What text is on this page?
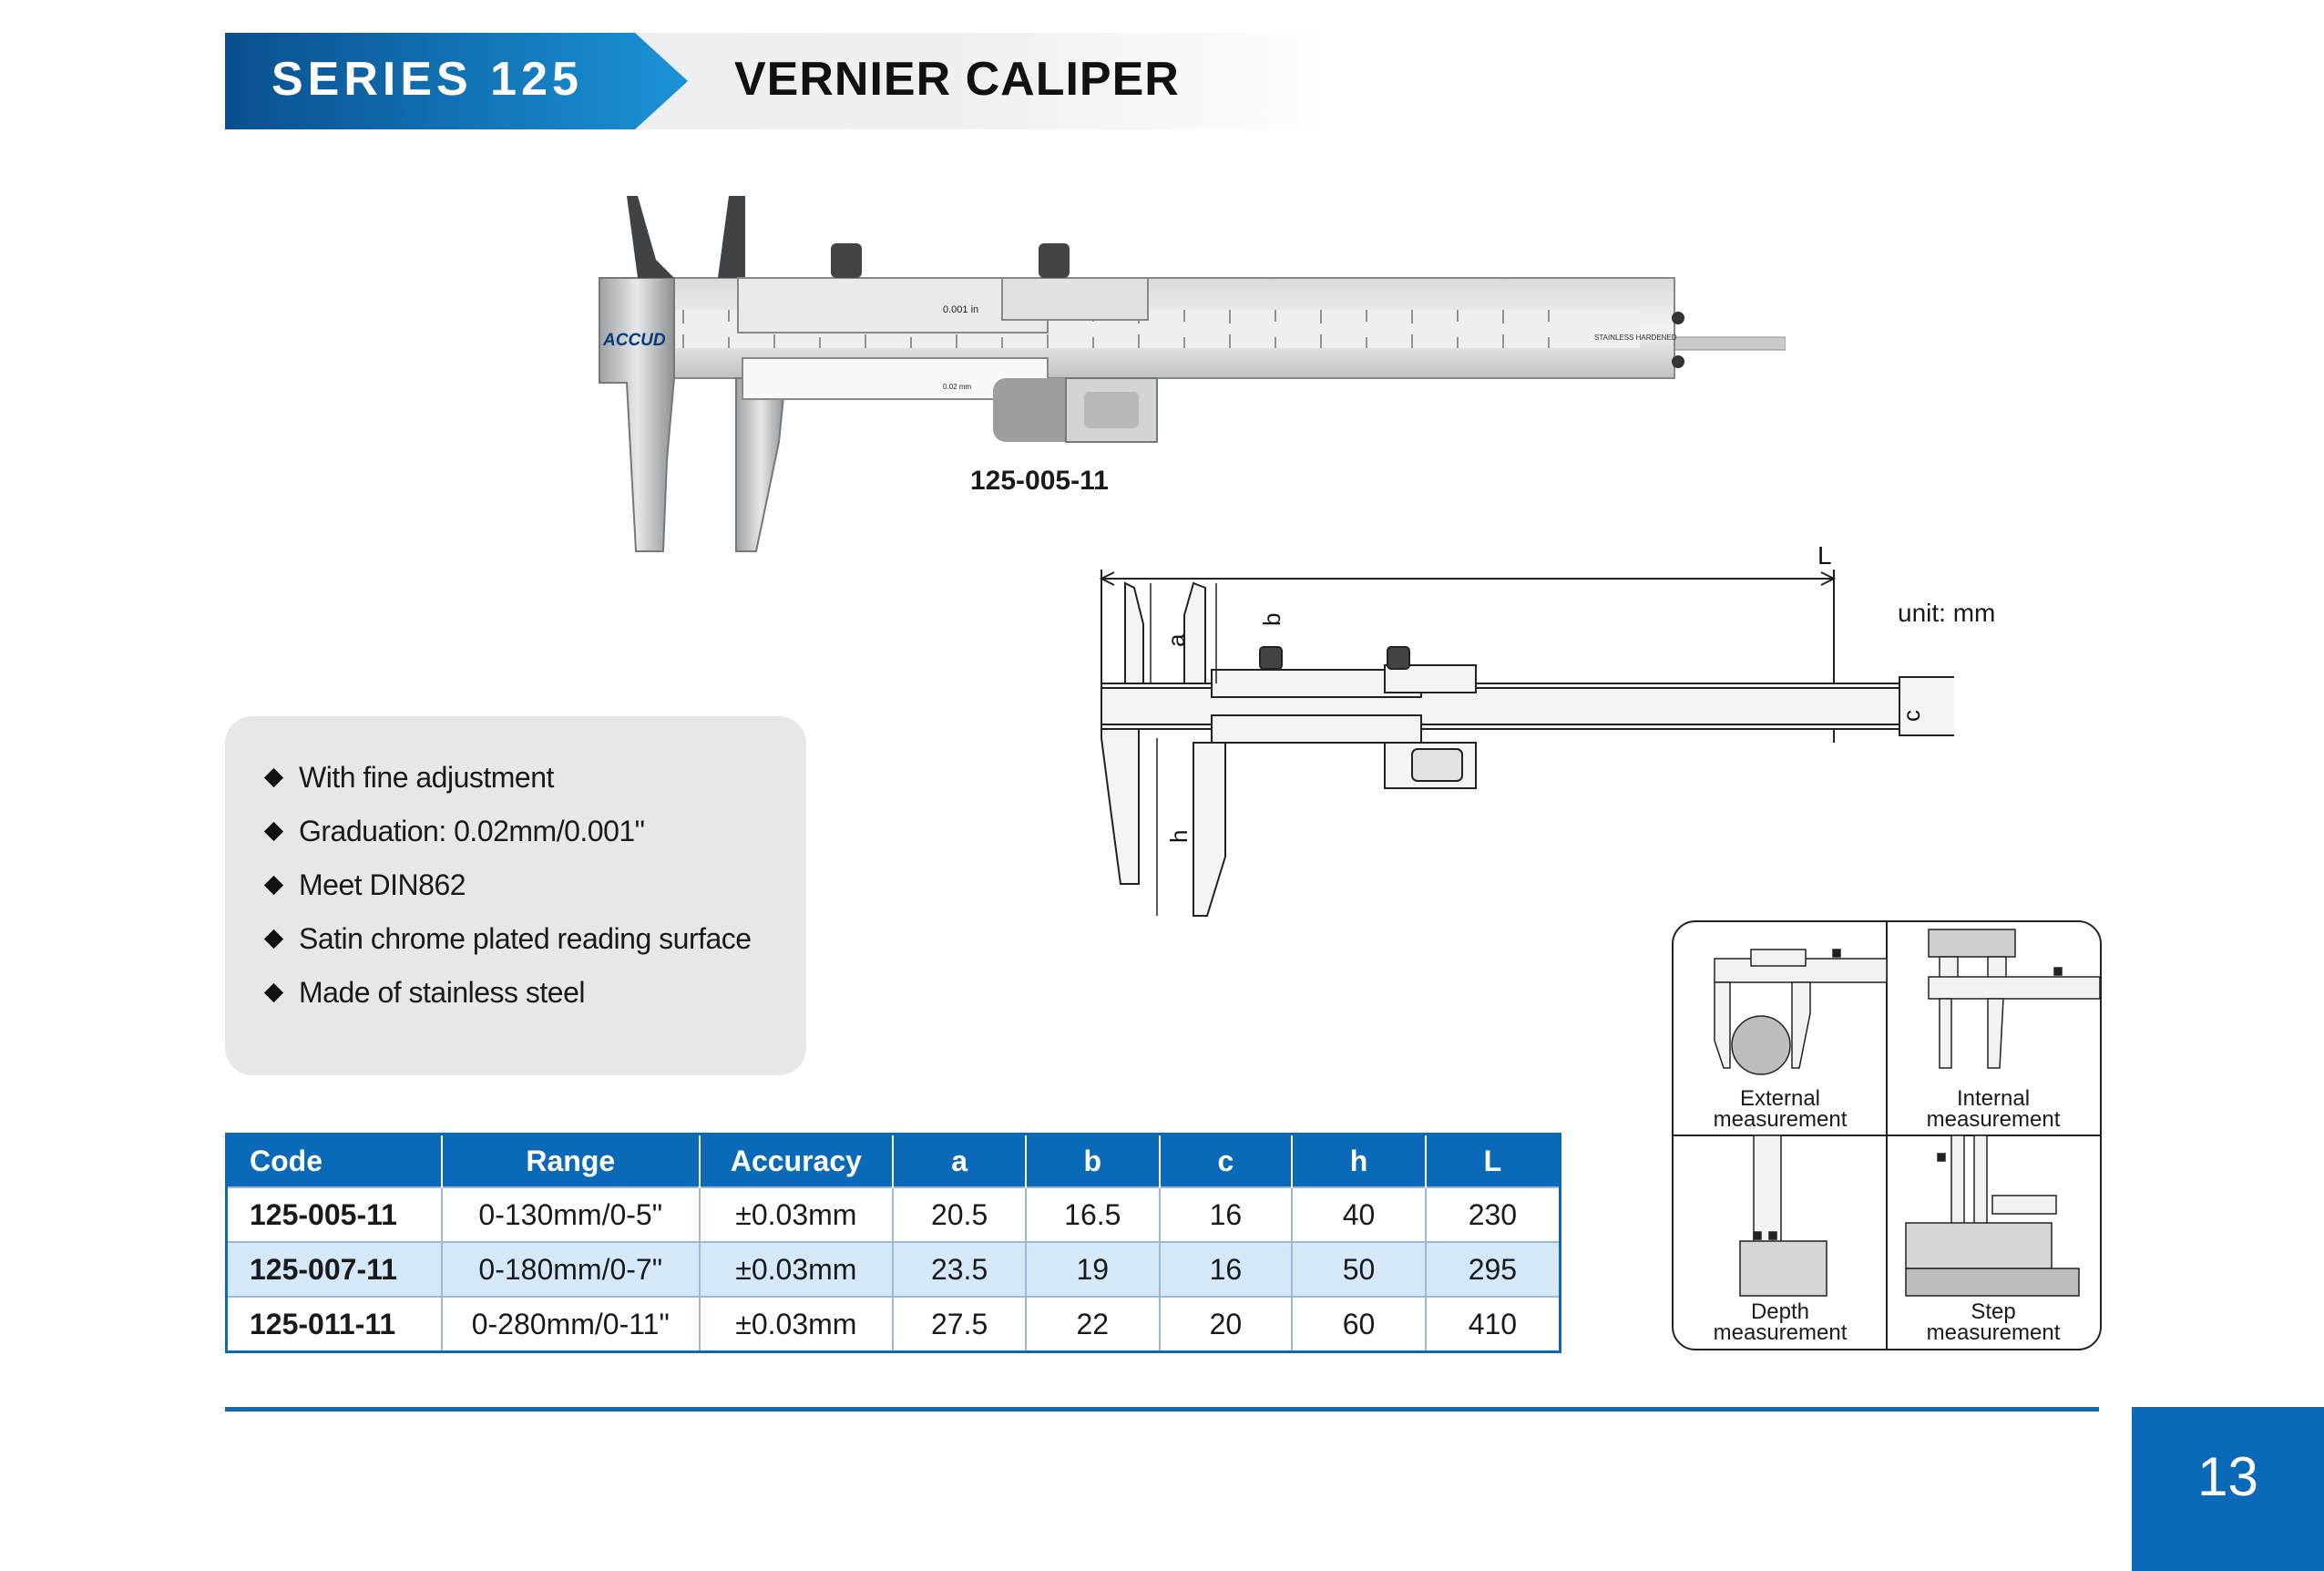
SERIES 125	VERNIER CALIPER
ACCUD
0.001 in
0.02 mm
STAINLESS HARDENED
125-005-11
L
a
b
c
h
unit: mm
With fine adjustment
Graduation: 0.02mm/0.001"
Meet DIN862
Satin chrome plated reading surface
Made of stainless steel
Code	Range	Accuracy	a	b	c	h	L
125-005-11	0-130mm/0-5"	±0.03mm	20.5	16.5	16	40	230
125-007-11	0-180mm/0-7"	±0.03mm	23.5	19	16	50	295
125-011-11	0-280mm/0-11"	±0.03mm	27.5	22	20	60	410
External
measurement
Internal
measurement
Depth
measurement
Step
measurement
13
